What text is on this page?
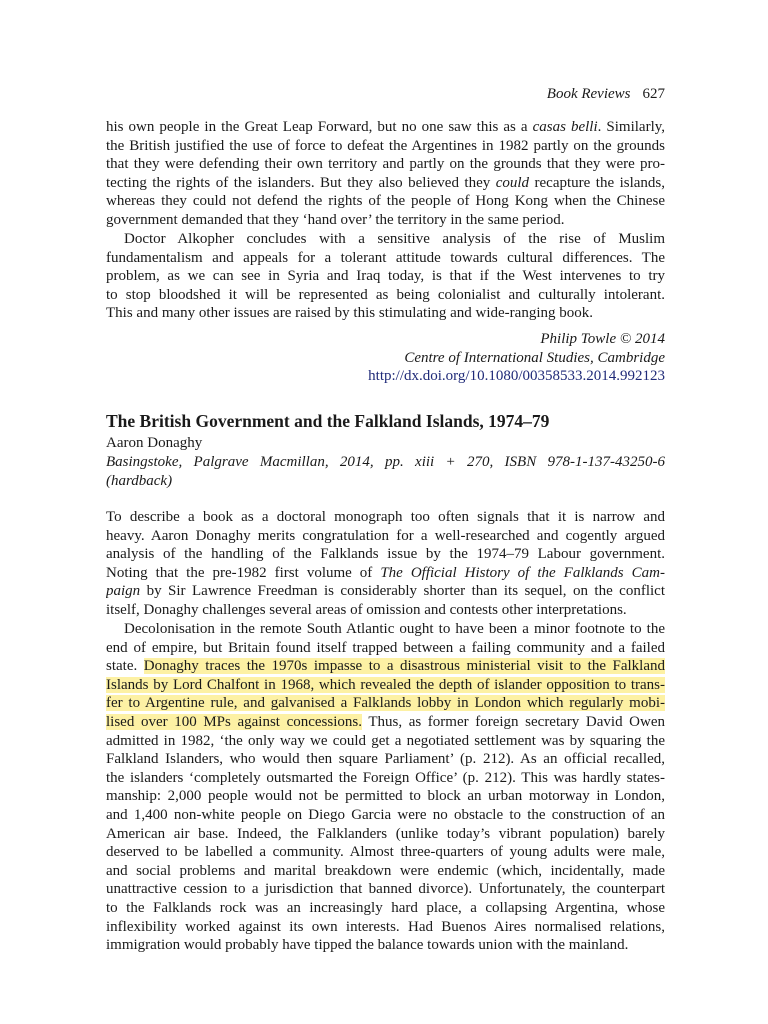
Book Reviews 627

his own people in the Great Leap Forward, but no one saw this as a casas belli. Similarly,
the British justified the use of force to defeat the Argentines in 1982 partly on the grounds
that they were defending their own territory and partly on the grounds that they were pro-
tecting the rights of the islanders. But they also believed they could recapture the islands,
whereas they could not defend the rights of the people of Hong Kong when the Chinese
government demanded that they ‘hand over’ the territory in the same period.

Doctor Alkopher concludes with a sensitive analysis of the rise of Muslim
fundamentalism and appeals for a tolerant attitude towards cultural differences. The
problem, as we can see in Syria and Iraq today, is that if the West intervenes to try
to stop bloodshed it will be represented as being colonialist and culturally intolerant.
This and many other issues are raised by this stimulating and wide-ranging book.

Philip Towle © 2014
Centre of International Studies, Cambridge
http://dx.doi.org/10.1080/00358533.2014.992123
The British Government and the Falkland Islands, 1974–79
Aaron Donaghy
Basingstoke, Palgrave Macmillan, 2014, pp. xiii + 270, ISBN 978-1-137-43250-6
(hardback)

To describe a book as a doctoral monograph too often signals that it is narrow and
heavy. Aaron Donaghy merits congratulation for a well-researched and cogently argued
analysis of the handling of the Falklands issue by the 1974–79 Labour government.
Noting that the pre-1982 first volume of The Official History of the Falklands Cam-
paign by Sir Lawrence Freedman is considerably shorter than its sequel, on the conflict
itself, Donaghy challenges several areas of omission and contests other interpretations.

Decolonisation in the remote South Atlantic ought to have been a minor footnote to the
end of empire, but Britain found itself trapped between a failing community and a failed
state. Donaghy traces the 1970s impasse to a disastrous ministerial visit to the Falkland
Islands by Lord Chalfont in 1968, which revealed the depth of islander opposition to trans-
fer to Argentine rule, and galvanised a Falklands lobby in London which regularly mobi-
lised over 100 MPs against concessions. Thus, as former foreign secretary David Owen
admitted in 1982, ‘the only way we could get a negotiated settlement was by squaring the
Falkland Islanders, who would then square Parliament’ (p. 212). As an official recalled,
the islanders ‘completely outsmarted the Foreign Office’ (p. 212). This was hardly states-
manship: 2,000 people would not be permitted to block an urban motorway in London,
and 1,400 non-white people on Diego Garcia were no obstacle to the construction of an
American air base. Indeed, the Falklanders (unlike today’s vibrant population) barely
deserved to be labelled a community. Almost three-quarters of young adults were male,
and social problems and marital breakdown were endemic (which, incidentally, made
unattractive cession to a jurisdiction that banned divorce). Unfortunately, the counterpart
to the Falklands rock was an increasingly hard place, a collapsing Argentina, whose
inflexibility worked against its own interests. Had Buenos Aires normalised relations,
immigration would probably have tipped the balance towards union with the mainland.
